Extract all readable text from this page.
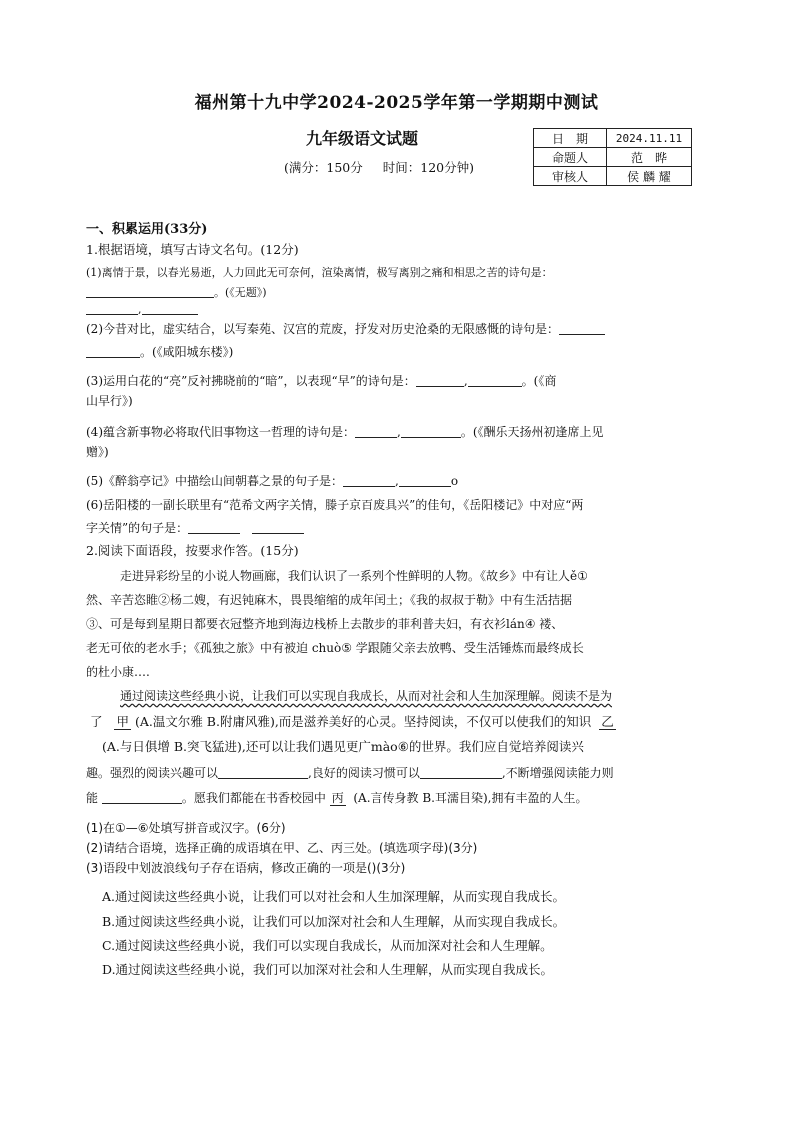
福州第十九中学2024-2025学年第一学期期中测试
九年级语文试题
(满分：150分 时间：120分钟)
日　期	2024.11.11
命题人	范　晔
审核人	侯 麟 耀
一、积累运用(33分)
1.根据语境，填写古诗文名句。(12分)
(1)离情于景，以春光易逝，人力回此无可奈何，渲染离情，极写离别之痛和相思之苦的诗句是：
。(《无题》)
,
(2)今昔对比，虚实结合，以写秦苑、汉宫的荒废，抒发对历史沧桑的无限感慨的诗句是：
。(《咸阳城东楼》)
(3)运用白花的“亮”反衬拂晓前的“暗”，以表现“早”的诗句是：	,	。(《商
山早行》)
(4)蕴含新事物必将取代旧事物这一哲理的诗句是：	,	。(《酬乐天扬州初逢席上见
赠》)
(5)《醉翁亭记》中描绘山间朝暮之景的句子是：	,	o
(6)岳阳楼的一副长联里有“范希文两字关情，滕子京百废具兴”的佳句，《岳阳楼记》中对应“两
字关情”的句子是：
2.阅读下面语段，按要求作答。(15分)
走进异彩纷呈的小说人物画廊，我们认识了一系列个性鲜明的人物。《故乡》中有让人ě①
然、辛苦恣睢②杨二嫂，有迟钝麻木，畏畏缩缩的成年闰土；《我的叔叔于勒》中有生活拮据
③、可是每到星期日都要衣冠整齐地到海边栈桥上去散步的菲利普夫妇，有衣衫lán④ 褛、
老无可依的老水手；《孤独之旅》中有被迫 chuò⑤ 学跟随父亲去放鸭、受生活锤炼而最终成长
的杜小康….
通过阅读这些经典小说，让我们可以实现自我成长，从而对社会和人生加深理解。阅读不是为
了 甲 (A.温文尔雅 B.附庸风雅),而是滋养美好的心灵。坚持阅读，不仅可以使我们的知识 乙
(A.与日俱增 B.突飞猛进),还可以让我们遇见更广mào⑥的世界。我们应自觉培养阅读兴
趣。强烈的阅读兴趣可以	,良好的阅读习惯可以	,不断增强阅读能力则
能	。愿我们都能在书香校园中 丙 (A.言传身教 B.耳濡目染),拥有丰盈的人生。
(1)在①—⑥处填写拼音或汉字。(6分)
(2)请结合语境，选择正确的成语填在甲、乙、丙三处。(填选项字母)(3分)
(3)语段中划波浪线句子存在语病，修改正确的一项是()(3分)
A.通过阅读这些经典小说，让我们可以对社会和人生加深理解，从而实现自我成长。
B.通过阅读这些经典小说，让我们可以加深对社会和人生理解，从而实现自我成长。
C.通过阅读这些经典小说，我们可以实现自我成长，从而加深对社会和人生理解。
D.通过阅读这些经典小说，我们可以加深对社会和人生理解，从而实现自我成长。
